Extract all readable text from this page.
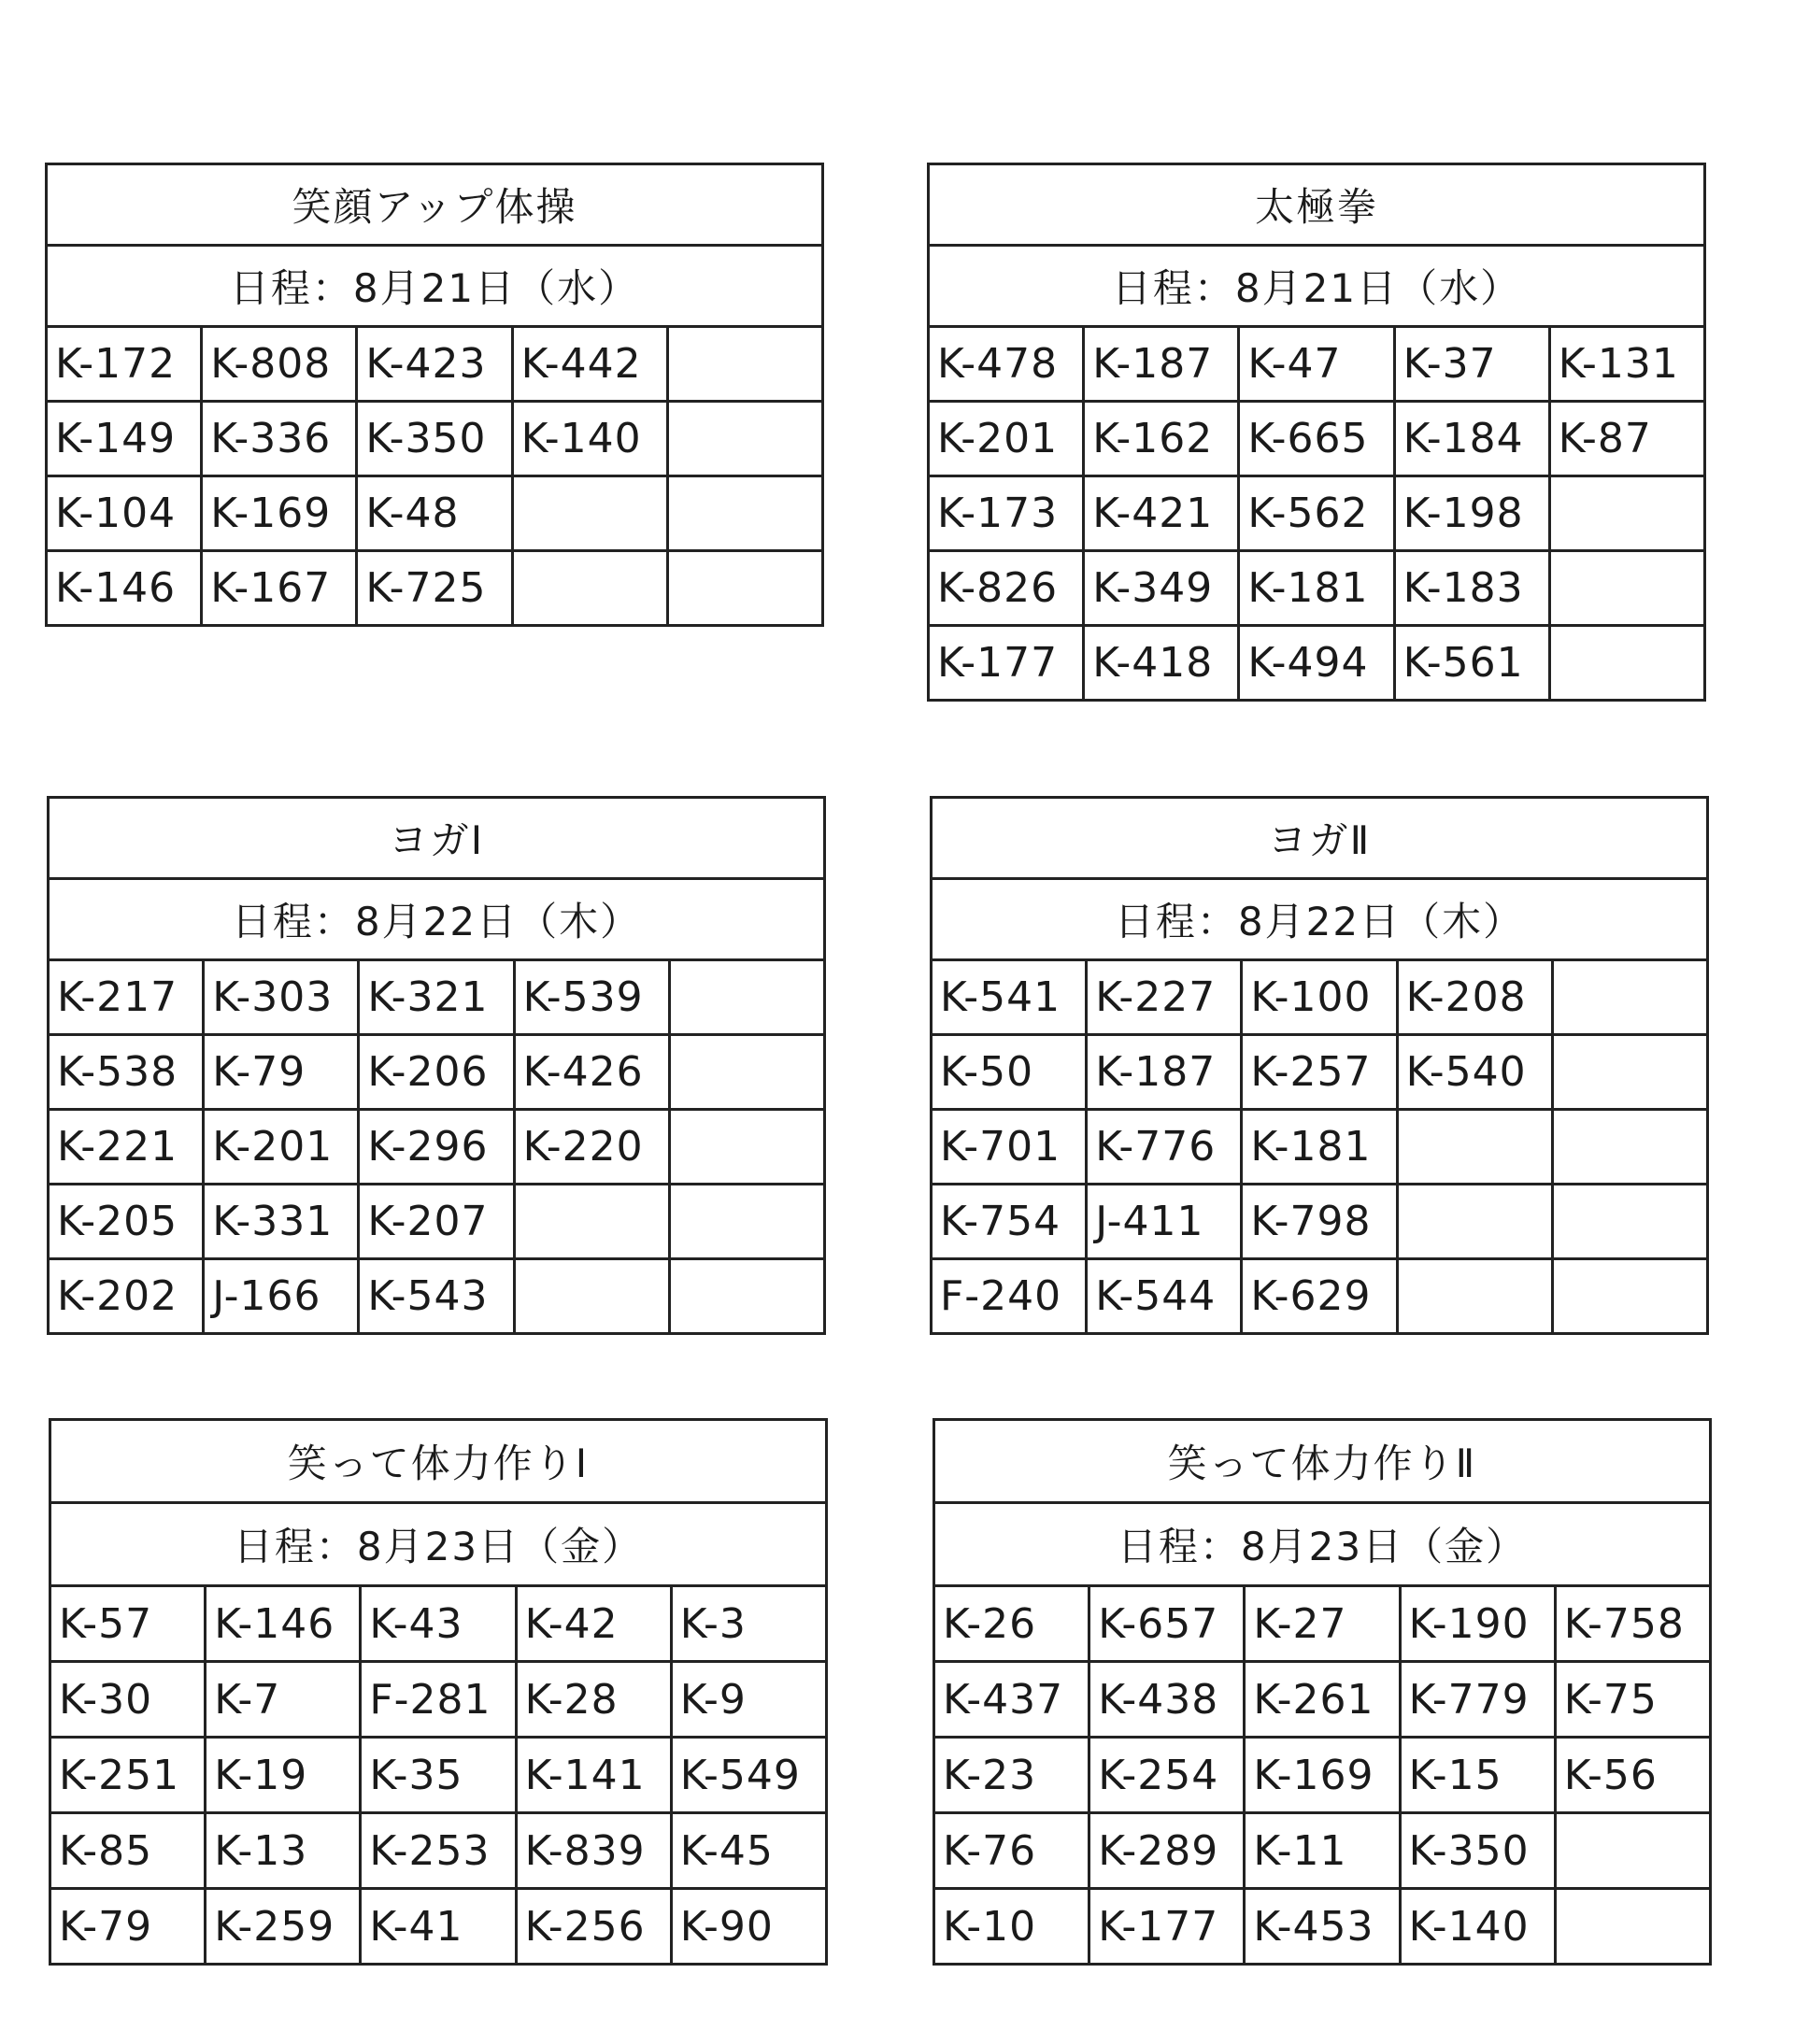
笑顔アップ体操				
日程：8月21日（水）				
K-172	K-808	K-423	K-442	
K-149	K-336	K-350	K-140	
K-104	K-169	K-48		
K-146	K-167	K-725		
太極拳				
日程：8月21日（水）				
K-478	K-187	K-47	K-37	K-131
K-201	K-162	K-665	K-184	K-87
K-173	K-421	K-562	K-198	
K-826	K-349	K-181	K-183	
K-177	K-418	K-494	K-561	
ヨガⅠ				
日程：8月22日（木）				
K-217	K-303	K-321	K-539	
K-538	K-79	K-206	K-426	
K-221	K-201	K-296	K-220	
K-205	K-331	K-207		
K-202	J-166	K-543		
ヨガⅡ				
日程：8月22日（木）				
K-541	K-227	K-100	K-208	
K-50	K-187	K-257	K-540	
K-701	K-776	K-181		
K-754	J-411	K-798		
F-240	K-544	K-629		
笑って体力作りⅠ				
日程：8月23日（金）				
K-57	K-146	K-43	K-42	K-3
K-30	K-7	F-281	K-28	K-9
K-251	K-19	K-35	K-141	K-549
K-85	K-13	K-253	K-839	K-45
K-79	K-259	K-41	K-256	K-90
笑って体力作りⅡ				
日程：8月23日（金）				
K-26	K-657	K-27	K-190	K-758
K-437	K-438	K-261	K-779	K-75
K-23	K-254	K-169	K-15	K-56
K-76	K-289	K-11	K-350	
K-10	K-177	K-453	K-140	
